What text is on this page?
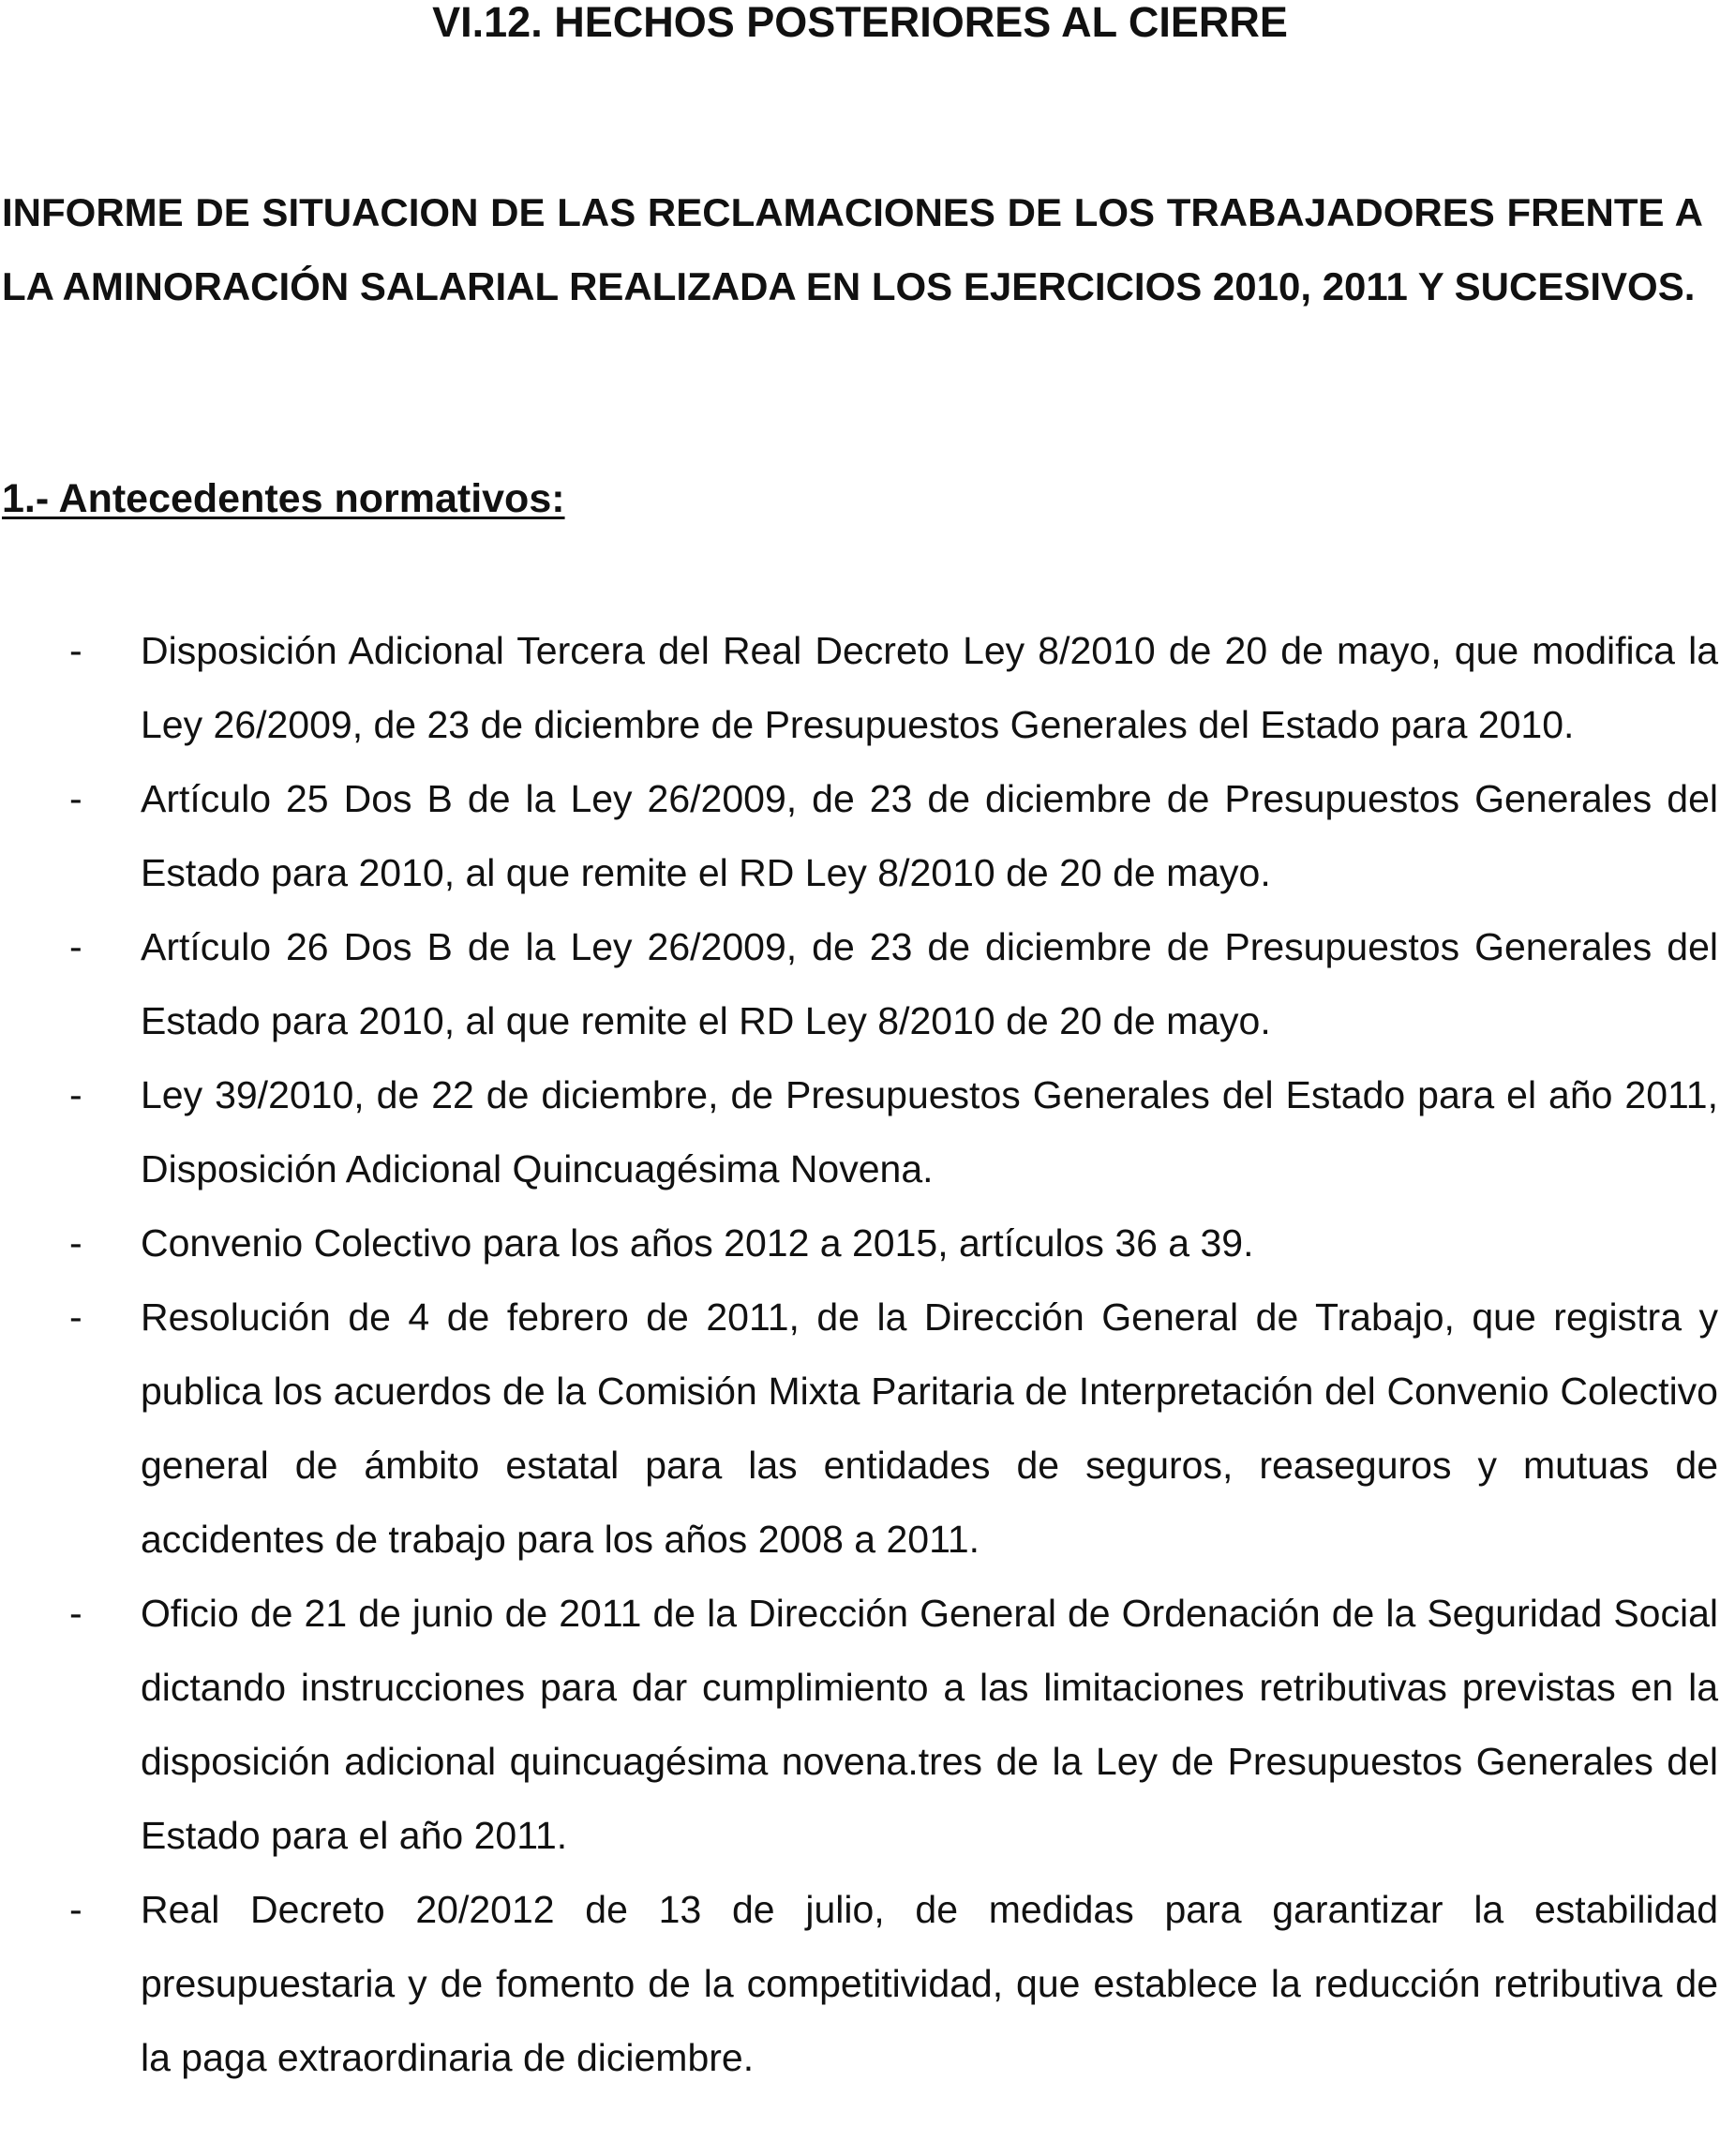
VI.12. HECHOS POSTERIORES AL CIERRE

INFORME DE SITUACION DE LAS RECLAMACIONES DE LOS TRABAJADORES FRENTE A LA AMINORACIÓN SALARIAL REALIZADA EN LOS EJERCICIOS 2010, 2011 Y SUCESIVOS.

1.- Antecedentes normativos:

-	Disposición Adicional Tercera del Real Decreto Ley 8/2010 de 20 de mayo, que modifica la Ley 26/2009, de 23 de diciembre de Presupuestos Generales del Estado para 2010.
-	Artículo 25 Dos B de la Ley 26/2009, de 23 de diciembre de Presupuestos Generales del Estado para 2010, al que remite el RD Ley 8/2010 de 20 de mayo.
-	Artículo 26 Dos B de la Ley 26/2009, de 23 de diciembre de Presupuestos Generales del Estado para 2010, al que remite el RD Ley 8/2010 de 20 de mayo.
-	Ley 39/2010, de 22 de diciembre, de Presupuestos Generales del Estado para el año 2011, Disposición Adicional Quincuagésima Novena.
-	Convenio Colectivo para los años 2012 a 2015, artículos 36 a 39.
-	Resolución de 4 de febrero de 2011, de la Dirección General de Trabajo, que registra y publica los acuerdos de la Comisión Mixta Paritaria de Interpretación del Convenio Colectivo general de ámbito estatal para las entidades de seguros, reaseguros y mutuas de accidentes de trabajo para los años 2008 a 2011.
-	Oficio de 21 de junio de 2011 de la Dirección General de Ordenación de la Seguridad Social dictando instrucciones para dar cumplimiento a las limitaciones retributivas previstas en la disposición adicional quincuagésima novena.tres de la Ley de Presupuestos Generales del Estado para el año 2011.
-	Real Decreto 20/2012 de 13 de julio, de medidas para garantizar la estabilidad presupuestaria y de fomento de la competitividad, que establece la reducción retributiva de la paga extraordinaria de diciembre.
